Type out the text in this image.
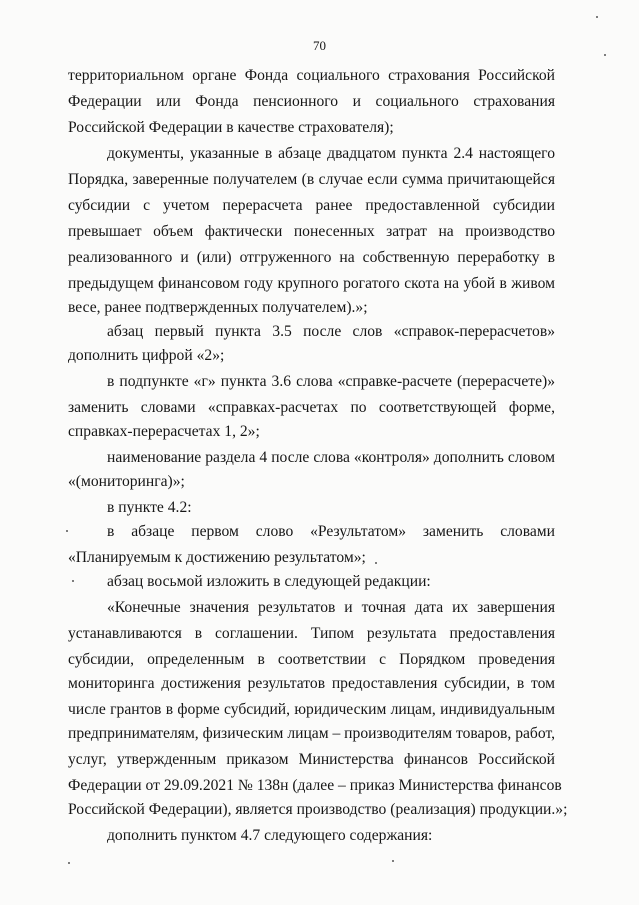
70

территориальном органе Фонда социального страхования Российской

Федерации или Фонда пенсионного и социального страхования

Российской Федерации в качестве страхователя);

документы, указанные в абзаце двадцатом пункта 2.4 настоящего

Порядка, заверенные получателем (в случае если сумма причитающейся

субсидии с учетом перерасчета ранее предоставленной субсидии

превышает объем фактически понесенных затрат на производство

реализованного и (или) отгруженного на собственную переработку в

предыдущем финансовом году крупного рогатого скота на убой в живом

весе, ранее подтвержденных получателем).»;

абзац первый пункта 3.5 после слов «справок-перерасчетов»

дополнить цифрой «2»;

в подпункте «г» пункта 3.6 слова «справке-расчете (перерасчете)»

заменить словами «справках-расчетах по соответствующей форме,

справках-перерасчетах 1, 2»;

наименование раздела 4 после слова «контроля» дополнить словом

«(мониторинга)»;

в пункте 4.2:

в абзаце первом слово «Результатом» заменить словами

«Планируемым к достижению результатом»;

абзац восьмой изложить в следующей редакции:

«Конечные значения результатов и точная дата их завершения

устанавливаются в соглашении. Типом результата предоставления

субсидии, определенным в соответствии с Порядком проведения

мониторинга достижения результатов предоставления субсидии, в том

числе грантов в форме субсидий, юридическим лицам, индивидуальным

предпринимателям, физическим лицам – производителям товаров, работ,

услуг, утвержденным приказом Министерства финансов Российской

Федерации от 29.09.2021 № 138н (далее – приказ Министерства финансов

Российской Федерации), является производство (реализация) продукции.»;

дополнить пунктом 4.7 следующего содержания:
